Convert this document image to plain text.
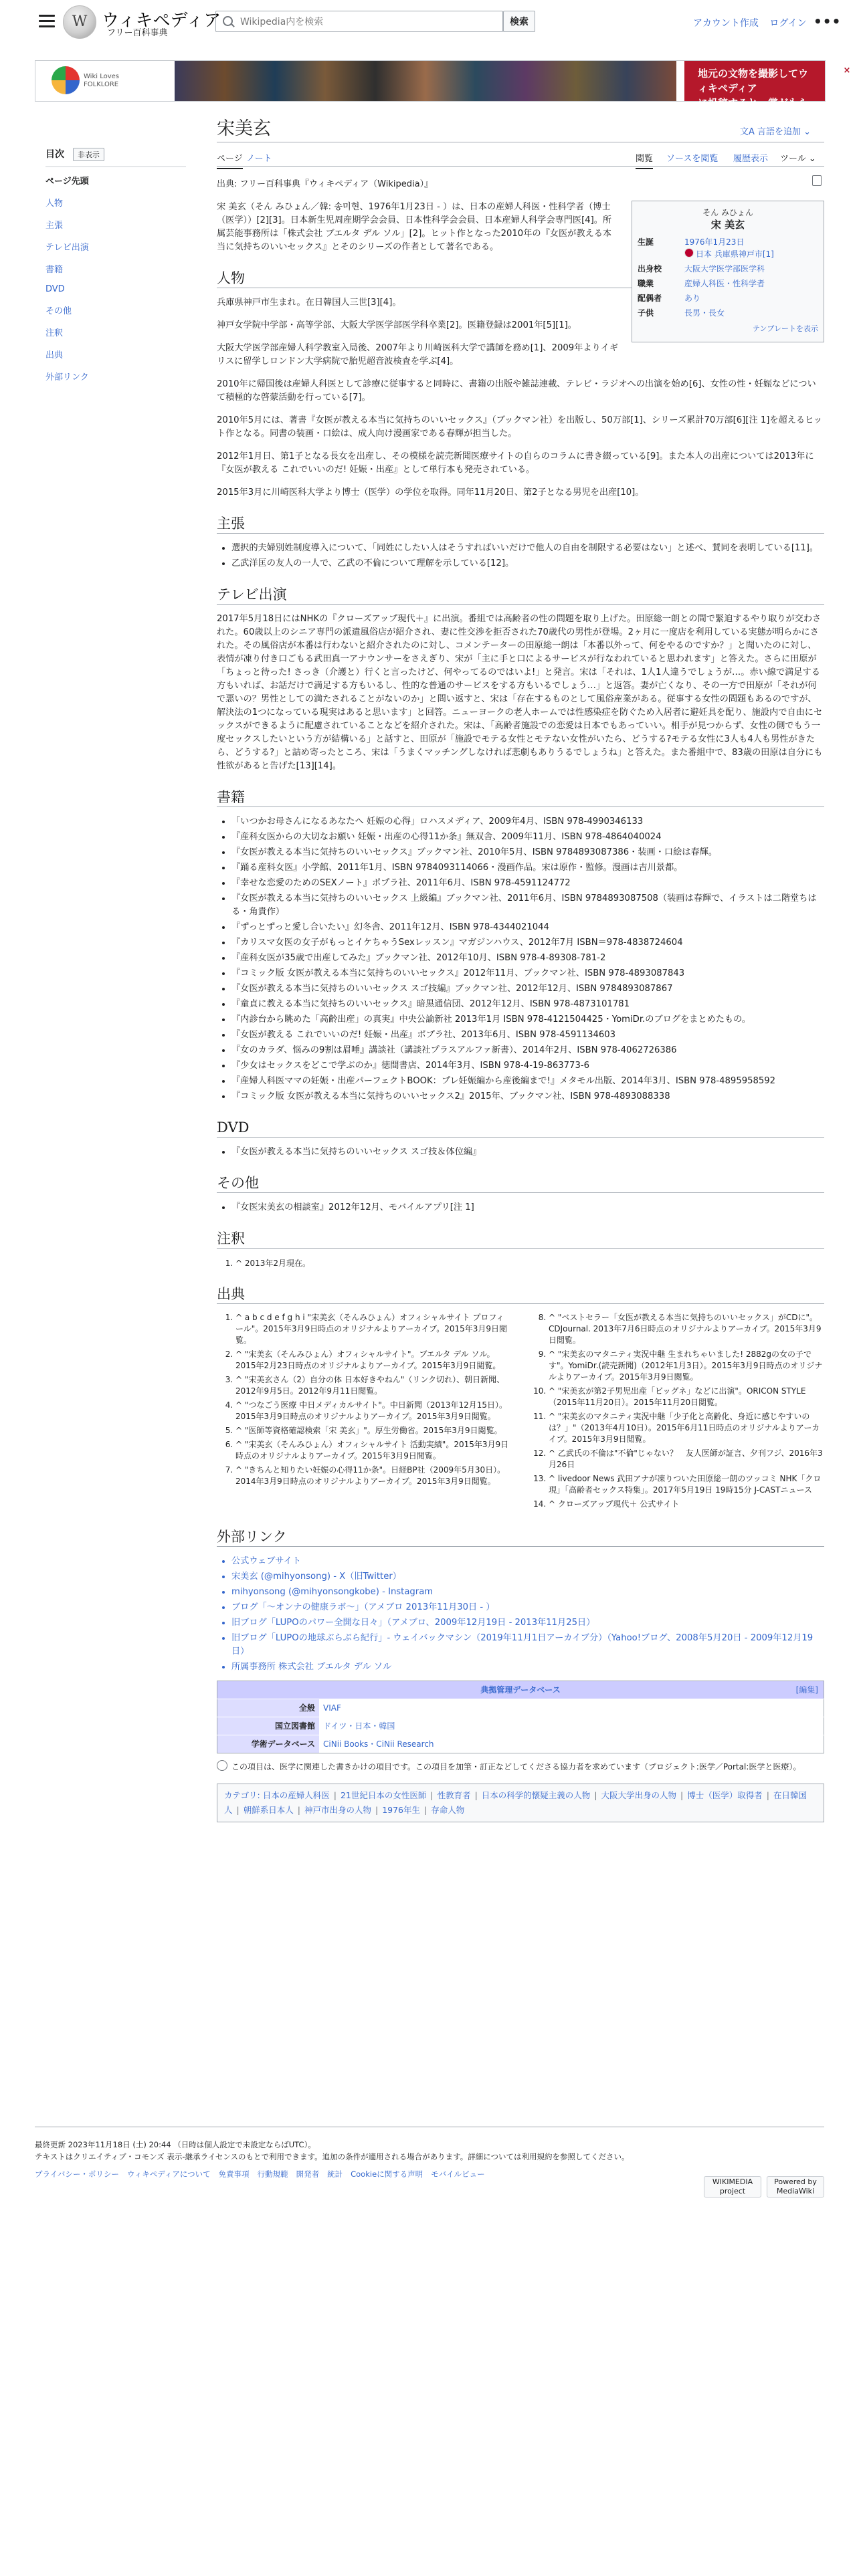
W ウィキペディア
フリー百科事典
Wikipedia内を検索
検索	アカウント作成 ログイン •••
Wiki Loves
FOLKLORE
地元の文物を撮影してウィキペディア
に投稿すると、賞がもらえます!
×
目次 非表示
ページ先頭
人物
主張
テレビ出演
書籍
DVD
その他
注釈
出典
外部リンク
宋美玄	文A 言語を追加 ⌄
ページ ノート	閲覧 ソースを閲覧 履歴表示 ツール ⌄
出典: フリー百科事典『ウィキペディア（Wikipedia）』
そん みひょん
宋 美玄
生誕	1976年1月23日
日本 兵庫県神戸市[1]
出身校	大阪大学医学部医学科
職業	産婦人科医・性科学者
配偶者	あり
子供	長男・長女
テンプレートを表示

宋 美玄（そん みひょん／韓: 송미현、1976年1月23日 - ）は、日本の産婦人科医・性科学者（博士（医学））[2][3]。日本新生児周産期学会会員、日本性科学会会員、日本産婦人科学会専門医[4]。所属芸能事務所は「株式会社 ブエルタ デル ソル」[2]。ヒット作となった2010年の『女医が教える本当に気持ちのいいセックス』とそのシリーズの作者として著名である。

人物

兵庫県神戸市生まれ。在日韓国人三世[3][4]。

神戸女学院中学部・高等学部、大阪大学医学部医学科卒業[2]。医籍登録は2001年[5][1]。

大阪大学医学部産婦人科学教室入局後、2007年より川崎医科大学で講師を務め[1]、2009年よりイギリスに留学しロンドン大学病院で胎児超音波検査を学ぶ[4]。

2010年に帰国後は産婦人科医として診療に従事すると同時に、書籍の出版や雑誌連載、テレビ・ラジオへの出演を始め[6]、女性の性・妊娠などについて積極的な啓蒙活動を行っている[7]。

2010年5月には、著書『女医が教える本当に気持ちのいいセックス』（ブックマン社）を出版し、50万部[1]、シリーズ累計70万部[6][注 1]を超えるヒット作となる。同書の装画・口絵は、成人向け漫画家である春輝が担当した。

2012年1月日、第1子となる長女を出産し、その模様を読売新聞医療サイトの自らのコラムに書き綴っている[9]。また本人の出産については2013年に『女医が教える これでいいのだ! 妊娠・出産』として単行本も発売されている。

2015年3月に川崎医科大学より博士（医学）の学位を取得。同年11月20日、第2子となる男児を出産[10]。

主張
• 選択的夫婦別姓制度導入について、「同姓にしたい人はそうすればいいだけで他人の自由を制限する必要はない」と述べ、賛同を表明している[11]。
• 乙武洋匡の友人の一人で、乙武の不倫について理解を示している[12]。
テレビ出演

2017年5月18日にはNHKの『クローズアップ現代＋』に出演。番組では高齢者の性の問題を取り上げた。田原総一朗との間で緊迫するやり取りが交わされた。60歳以上のシニア専門の派遣風俗店が紹介され、妻に性交渉を拒否された70歳代の男性が登場。2ヶ月に一度店を利用している実態が明らかにされた。その風俗店が本番は行わないと紹介されたのに対し、コメンテーターの田原総一朗は「本番以外って、何をやるのですか？」と聞いたのに対し、表情が凍り付き口ごもる武田真一アナウンサーをさえぎり、宋が「主に手と口によるサービスが行なわれていると思われます」と答えた。さらに田原が「ちょっと待った! さっき（介護と）行くと言ったけど、何やってるのではいよ!」と発言。宋は「それは、1人1人違うでしょうが…。赤い線で満足する方もいれば、お話だけで満足する方もいるし、性的な普通のサービスをする方もいるでしょう…」と返答。妻が亡くなり、その一方で田原が「それが何で悪いの？男性としての満たされることがないのか」と問い返すと、宋は「存在するものとして風俗産業がある。従事する女性の問題もあるのですが、解決法の1つになっている現実はあると思います」と回答。ニューヨークの老人ホームでは性感染症を防ぐため入居者に避妊具を配り、施設内で自由にセックスができるように配慮されていることなどを紹介された。宋は、「高齢者施設での恋愛は日本でもあっていい。相手が見つからず、女性の側でもう一度セックスしたいという方が結構いる」と話すと、田原が「施設でモテる女性とモテない女性がいたら、どうする?モテる女性に3人も4人も男性がきたら、どうする?」と詰め寄ったところ、宋は「うまくマッチングしなければ悲劇もありうるでしょうね」と答えた。また番組中で、83歳の田原は自分にも性欲があると告げた[13][14]。

書籍
• 「いつかお母さんになるあなたへ 妊娠の心得」ロハスメディア、2009年4月、ISBN 978-4990346133
• 『産科女医からの大切なお願い 妊娠・出産の心得11か条』無双舎、2009年11月、ISBN 978-4864040024
• 『女医が教える本当に気持ちのいいセックス』ブックマン社、2010年5月、ISBN 9784893087386・装画・口絵は春輝。
• 『踊る産科女医』小学館、2011年1月、ISBN 9784093114066・漫画作品。宋は原作・監修。漫画は吉川景都。
• 『幸せな恋愛のためのSEXノート』ポプラ社、2011年6月、ISBN 978-4591124772
• 『女医が教える本当に気持ちのいいセックス 上級編』ブックマン社、2011年6月、ISBN 9784893087508（装画は春輝で、イラストは二階堂ちはる・角貴作）
• 『ずっとずっと愛し合いたい』幻冬舎、2011年12月、ISBN 978-4344021044
• 『カリスマ女医の女子がもっとイケちゃうSexレッスン』マガジンハウス、2012年7月 ISBN＝978-4838724604
• 『産科女医が35歳で出産してみた』ブックマン社、2012年10月、ISBN 978-4-89308-781-2
• 『コミック版 女医が教える本当に気持ちのいいセックス』2012年11月、ブックマン社、ISBN 978-4893087843
• 『女医が教える本当に気持ちのいいセックス スゴ技編』ブックマン社、2012年12月、ISBN 9784893087867
• 『童貞に教える本当に気持ちのいいセックス』暗黒通信団、2012年12月、ISBN 978-4873101781
• 『内診台から眺めた「高齢出産」の真実』中央公論新社 2013年1月 ISBN 978-4121504425・YomiDr.のブログをまとめたもの。
• 『女医が教える これでいいのだ! 妊娠・出産』ポプラ社、2013年6月、ISBN 978-4591134603
• 『女のカラダ、悩みの9割は眉唾』講談社（講談社プラスアルファ新書）、2014年2月、ISBN 978-4062726386
• 『少女はセックスをどこで学ぶのか』徳間書店、2014年3月、ISBN 978-4-19-863773-6
• 『産婦人科医ママの妊娠・出産パーフェクトBOOK：プレ妊娠編から産後編まで!』メタモル出版、2014年3月、ISBN 978-4895958592
• 『コミック版 女医が教える本当に気持ちのいいセックス2』2015年、ブックマン社、ISBN 978-4893088338
DVD
• 『女医が教える本当に気持ちのいいセックス スゴ技＆体位編』
その他
• 『女医宋美玄の相談室』2012年12月、モバイルアプリ[注 1]
注釈
1. ^ 2013年2月現在。
出典
1. ^ a b c d e f g h i "宋美玄（そんみひょん）オフィシャルサイト プロフィール"。2015年3月9日時点のオリジナルよりアーカイブ。2015年3月9日閲覧。
2. ^ "宋美玄（そんみひょん）オフィシャルサイト"。ブエルタ デル ソル。2015年2月23日時点のオリジナルよりアーカイブ。2015年3月9日閲覧。
3. ^ "宋美玄さん（2）自分の体 日本好きやねん"（リンク切れ）、朝日新聞、2012年9月5日。2012年9月11日閲覧。
4. ^ "つなごう医療 中日メディカルサイト"。中日新聞（2013年12月15日）。2015年3月9日時点のオリジナルよりアーカイブ。2015年3月9日閲覧。
5. ^ "医師等資格確認検索「宋 美玄」"。厚生労働省。2015年3月9日閲覧。
6. ^ "宋美玄（そんみひょん）オフィシャルサイト 活動実績"。2015年3月9日時点のオリジナルよりアーカイブ。2015年3月9日閲覧。
7. ^ "きちんと知りたい妊娠の心得11か条"。日経BP社（2009年5月30日）。2014年3月9日時点のオリジナルよりアーカイブ。2015年3月9日閲覧。
8. ^ "ベストセラー「女医が教える本当に気持ちのいいセックス」がCDに"。CDJournal. 2013年7月6日時点のオリジナルよりアーカイブ。2015年3月9日閲覧。
9. ^ "宋美玄のマタニティ実況中継 生まれちゃいました! 2882gの女の子です"。YomiDr.(読売新聞)（2012年1月3日）。2015年3月9日時点のオリジナルよりアーカイブ。2015年3月9日閲覧。
10. ^ "宋美玄が第2子男児出産「ビッグネ」などに出演"。ORICON STYLE（2015年11月20日）。2015年11月20日閲覧。
11. ^ "宋美玄のマタニティ実況中継「少子化と高齢化、身近に感じやすいのは？」"（2013年4月10日）。2015年6月11日時点のオリジナルよりアーカイブ。2015年3月9日閲覧。
12. ^ 乙武氏の不倫は"不倫"じゃない？　友人医師が証言、夕刊フジ、2016年3月26日
13. ^ livedoor News 武田アナが凍りついた田原総一朗のツッコミ NHK「クロ現」「高齢者セックス特集」。2017年5月19日 19時15分 J-CASTニュース
14. ^ クローズアップ現代＋ 公式サイト
外部リンク
• 公式ウェブサイト
• 宋美玄 (@mihyonsong) - X（旧Twitter）
• mihyonsong (@mihyonsongkobe) - Instagram
• ブログ「～オンナの健康ラボ～」（アメブロ 2013年11月30日 - ）
• 旧ブログ「LUPOのパワー全開な日々」（アメブロ、2009年12月19日 - 2013年11月25日）
• 旧ブログ「LUPOの地球ぶらぶら紀行」- ウェイバックマシン（2019年11月1日アーカイブ分）（Yahoo!ブログ、2008年5月20日 - 2009年12月19日）
• 所属事務所 株式会社 ブエルタ デル ソル
典拠管理データベース [編集]	

全般	VIAF
国立図書館	ドイツ・日本・韓国
学術データベース	CiNii Books・CiNii Research
この項目は、医学に関連した書きかけの項目です。この項目を加筆・訂正などしてくださる協力者を求めています（プロジェクト:医学／Portal:医学と医療）。
カテゴリ: 日本の産婦人科医 | 21世紀日本の女性医師 | 性教育者 | 日本の科学的懐疑主義の人物 | 大阪大学出身の人物 | 博士（医学）取得者 | 在日韓国人 | 朝鮮系日本人 | 神戸市出身の人物 | 1976年生 | 存命人物
最終更新 2023年11月18日 (土) 20:44 （日時は個人設定で未設定ならばUTC）。
テキストはクリエイティブ・コモンズ 表示-継承ライセンスのもとで利用できます。追加の条件が適用される場合があります。詳細については利用規約を参照してください。
プライバシー・ポリシー ウィキペディアについて 免責事項 行動規範 開発者 統計 Cookieに関する声明 モバイルビュー
WIKIMEDIA project
Powered by MediaWiki
